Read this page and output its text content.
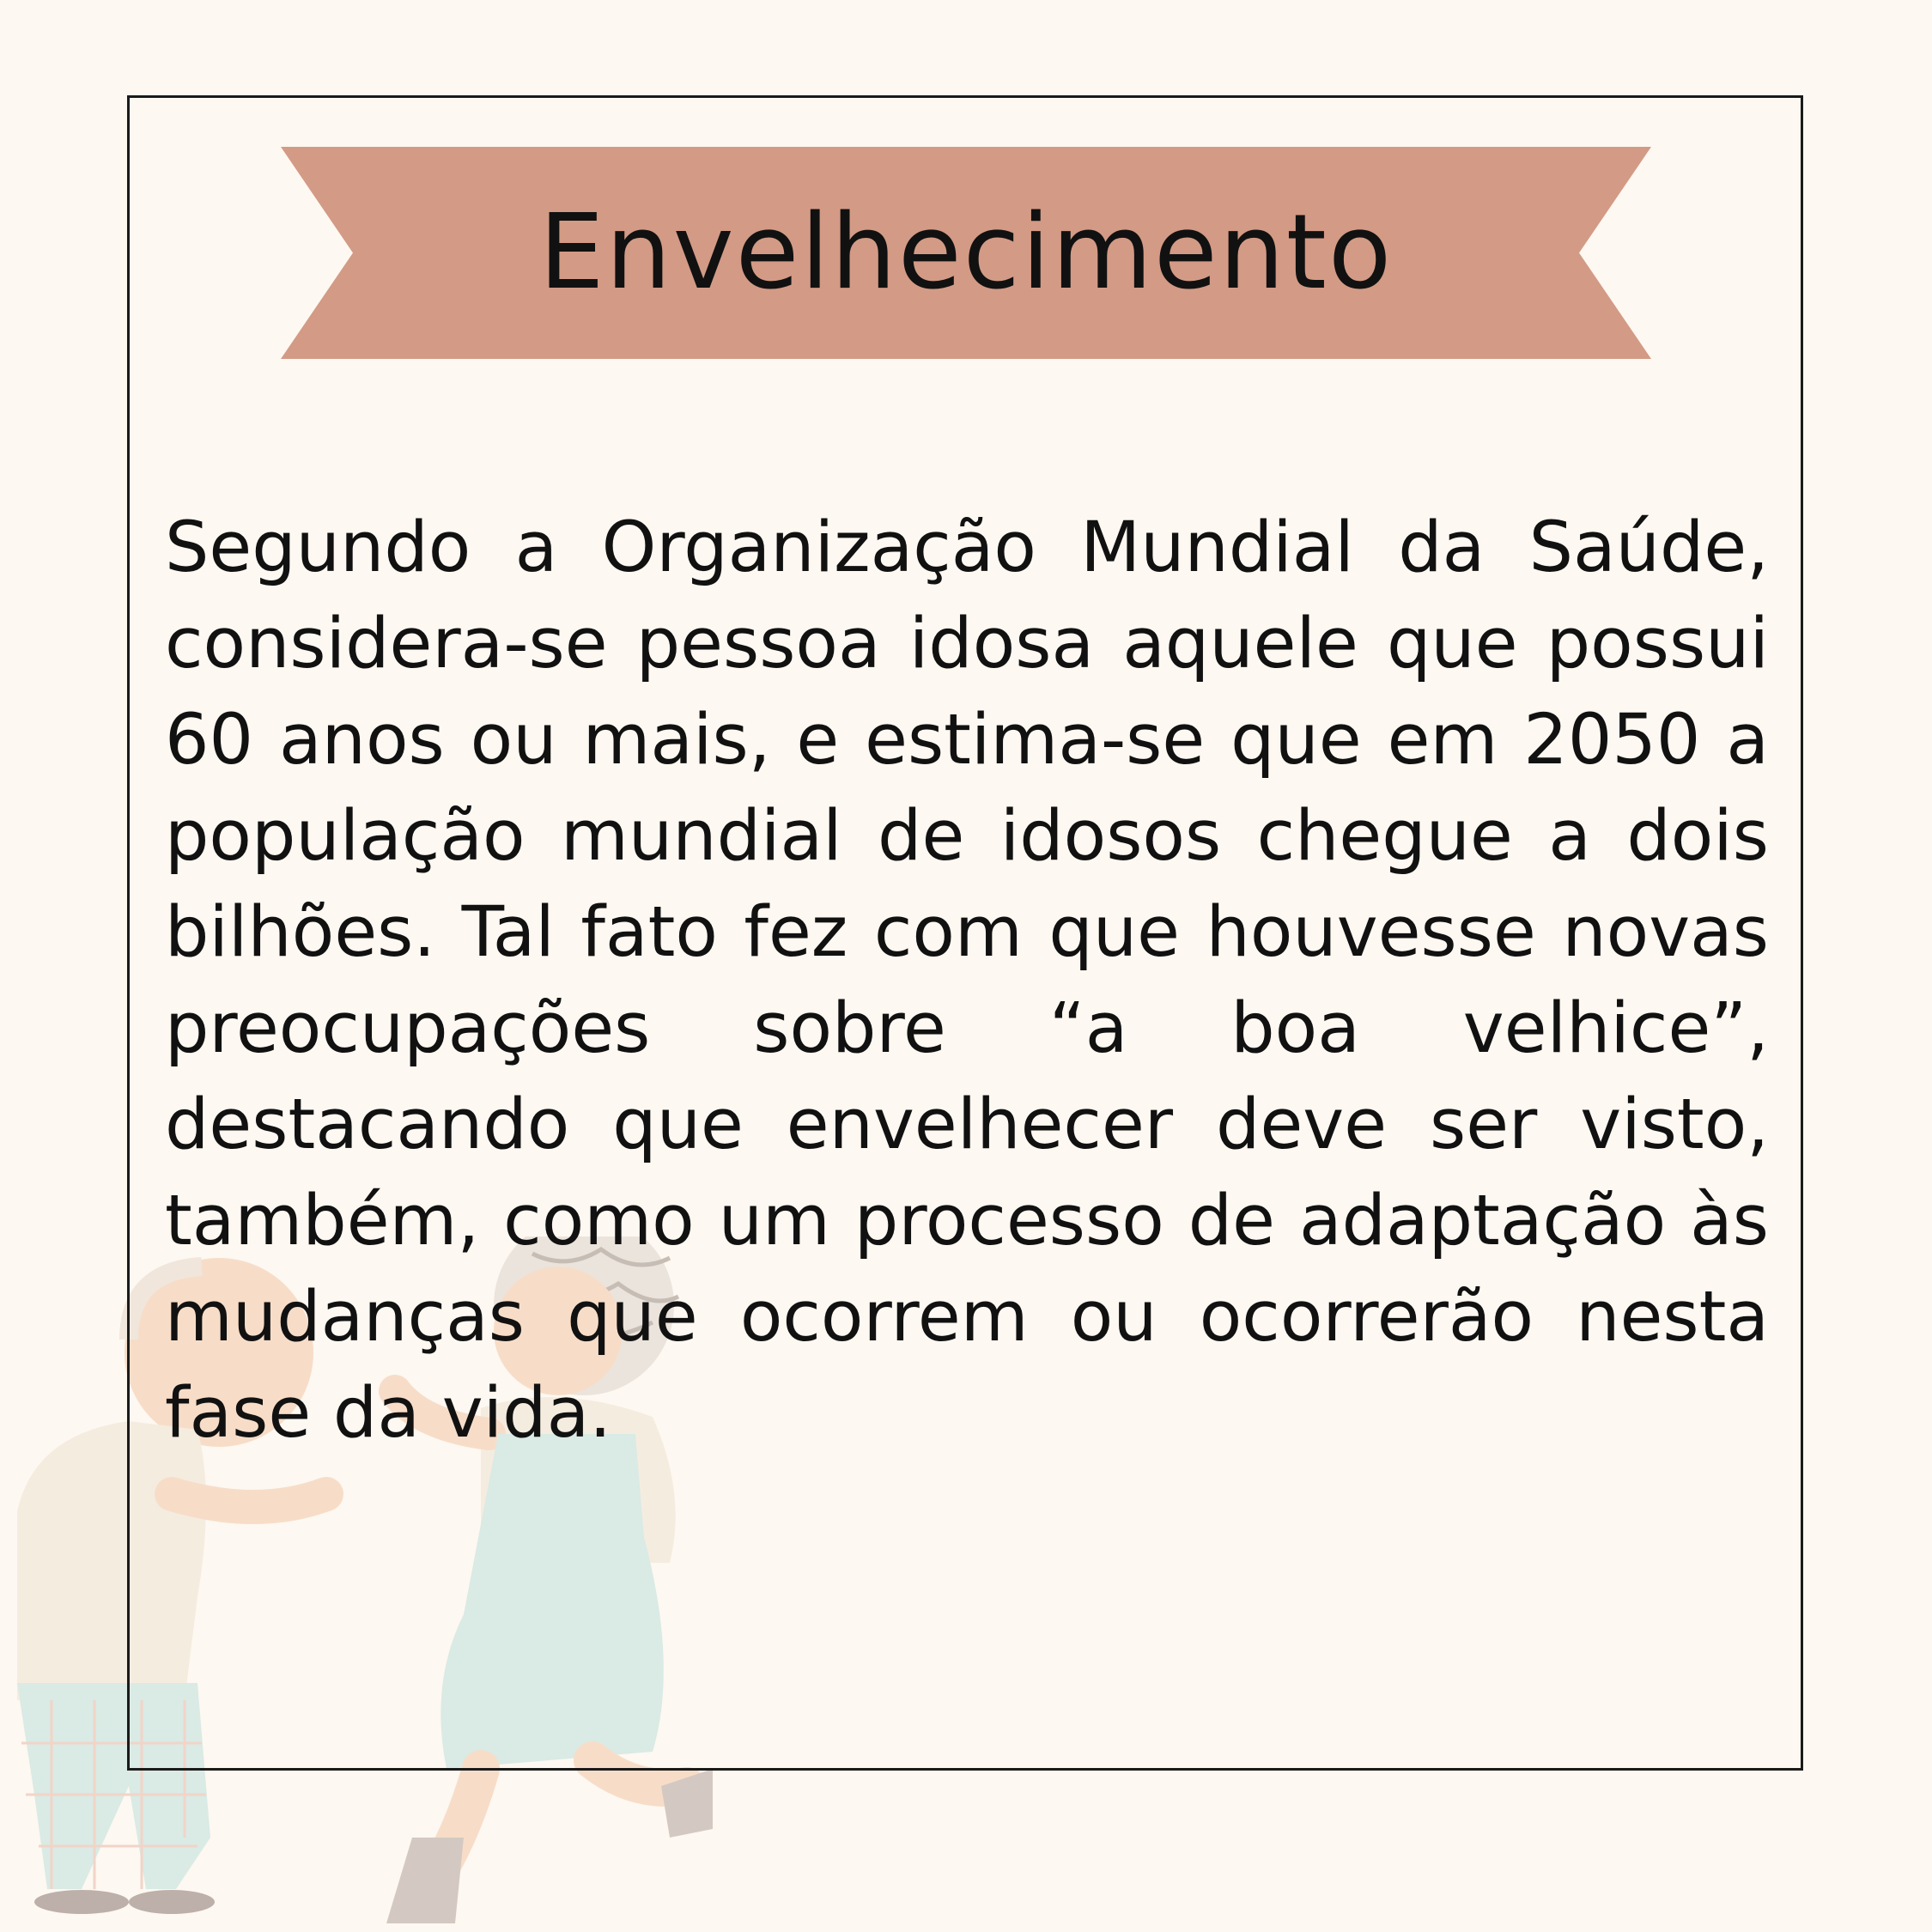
Envelhecimento

Segundo a Organização Mundial da Saúde, considera-se pessoa idosa aquele que possui 60 anos ou mais, e estima-se que em 2050 a população mundial de idosos chegue a dois bilhões. Tal fato fez com que houvesse novas preocupações sobre “a boa velhice”, destacando que envelhecer deve ser visto, também, como um processo de adaptação às mudanças que ocorrem ou ocorrerão nesta fase da vida.
